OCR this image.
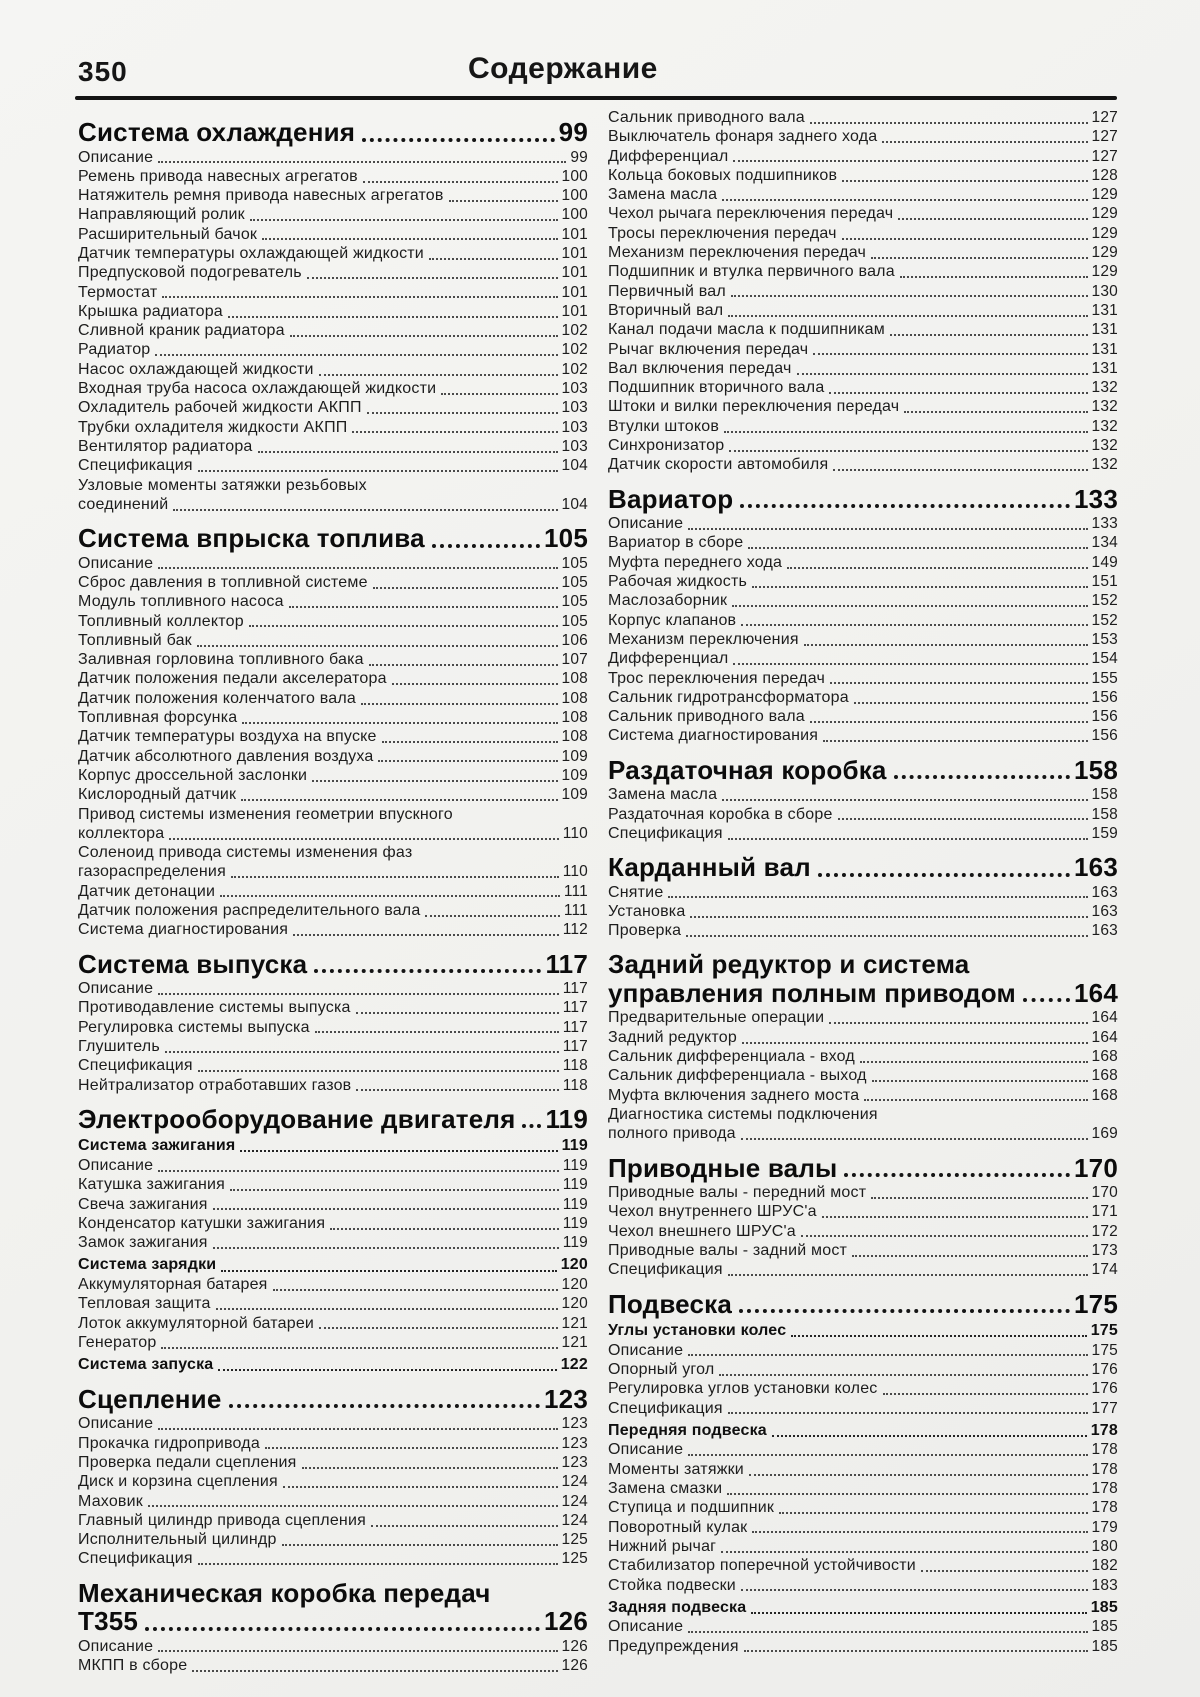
350	Содержание
Система охлаждения	99
Описание	99
Ремень привода навесных агрегатов	100
Натяжитель ремня привода навесных агрегатов	100
Направляющий ролик	100
Расширительный бачок	101
Датчик температуры охлаждающей жидкости	101
Предпусковой подогреватель	101
Термостат	101
Крышка радиатора	101
Сливной краник радиатора	102
Радиатор	102
Насос охлаждающей жидкости	102
Входная труба насоса охлаждающей жидкости	103
Охладитель рабочей жидкости АКПП	103
Трубки охладителя жидкости АКПП	103
Вентилятор радиатора	103
Спецификация	104
Узловые моменты затяжки резьбовых
соединений	104
Система впрыска топлива	105
Описание	105
Сброс давления в топливной системе	105
Модуль топливного насоса	105
Топливный коллектор	105
Топливный бак	106
Заливная горловина топливного бака	107
Датчик положения педали акселератора	108
Датчик положения коленчатого вала	108
Топливная форсунка	108
Датчик температуры воздуха на впуске	108
Датчик абсолютного давления воздуха	109
Корпус дроссельной заслонки	109
Кислородный датчик	109
Привод системы изменения геометрии впускного
коллектора	110
Соленоид привода системы изменения фаз
газораспределения	110
Датчик детонации	111
Датчик положения распределительного вала	111
Система диагностирования	112
Система выпуска	117
Описание	117
Противодавление системы выпуска	117
Регулировка системы выпуска	117
Глушитель	117
Спецификация	118
Нейтрализатор отработавших газов	118
Электрооборудование двигателя 119
Система зажигания	119
Описание	119
Катушка зажигания	119
Свеча зажигания	119
Конденсатор катушки зажигания	119
Замок зажигания	119
Система зарядки	120
Аккумуляторная батарея	120
Тепловая защита	120
Лоток аккумуляторной батареи	121
Генератор	121
Система запуска	122
Сцепление	123
Описание	123
Прокачка гидропривода	123
Проверка педали сцепления	123
Диск и корзина сцепления	124
Маховик	124
Главный цилиндр привода сцепления	124
Исполнительный цилиндр	125
Спецификация	125
Механическая коробка передач
Т355	126
Описание	126
МКПП в сборе	126
Сальник приводного вала	127
Выключатель фонаря заднего хода	127
Дифференциал	127
Кольца боковых подшипников	128
Замена масла	129
Чехол рычага переключения передач	129
Тросы переключения передач	129
Механизм переключения передач	129
Подшипник и втулка первичного вала	129
Первичный вал	130
Вторичный вал	131
Канал подачи масла к подшипникам	131
Рычаг включения передач	131
Вал включения передач	131
Подшипник вторичного вала	132
Штоки и вилки переключения передач	132
Втулки штоков	132
Синхронизатор	132
Датчик скорости автомобиля	132
Вариатор	133
Описание	133
Вариатор в сборе	134
Муфта переднего хода	149
Рабочая жидкость	151
Маслозаборник	152
Корпус клапанов	152
Механизм переключения	153
Дифференциал	154
Трос переключения передач	155
Сальник гидротрансформатора	156
Сальник приводного вала	156
Система диагностирования	156
Раздаточная коробка	158
Замена масла	158
Раздаточная коробка в сборе	158
Спецификация	159
Карданный вал	163
Снятие	163
Установка	163
Проверка	163
Задний редуктор и система
управления полным приводом 164
Предварительные операции	164
Задний редуктор	164
Сальник дифференциала - вход	168
Сальник дифференциала - выход	168
Муфта включения заднего моста	168
Диагностика системы подключения
полного привода	169
Приводные валы	170
Приводные валы - передний мост	170
Чехол внутреннего ШРУС'а	171
Чехол внешнего ШРУС'а	172
Приводные валы - задний мост	173
Спецификация	174
Подвеска	175
Углы установки колес	175
Описание	175
Опорный угол	176
Регулировка углов установки колес	176
Спецификация	177
Передняя подвеска	178
Описание	178
Моменты затяжки	178
Замена смазки	178
Ступица и подшипник	178
Поворотный кулак	179
Нижний рычаг	180
Стабилизатор поперечной устойчивости	182
Стойка подвески	183
Задняя подвеска	185
Описание	185
Предупреждения	185
